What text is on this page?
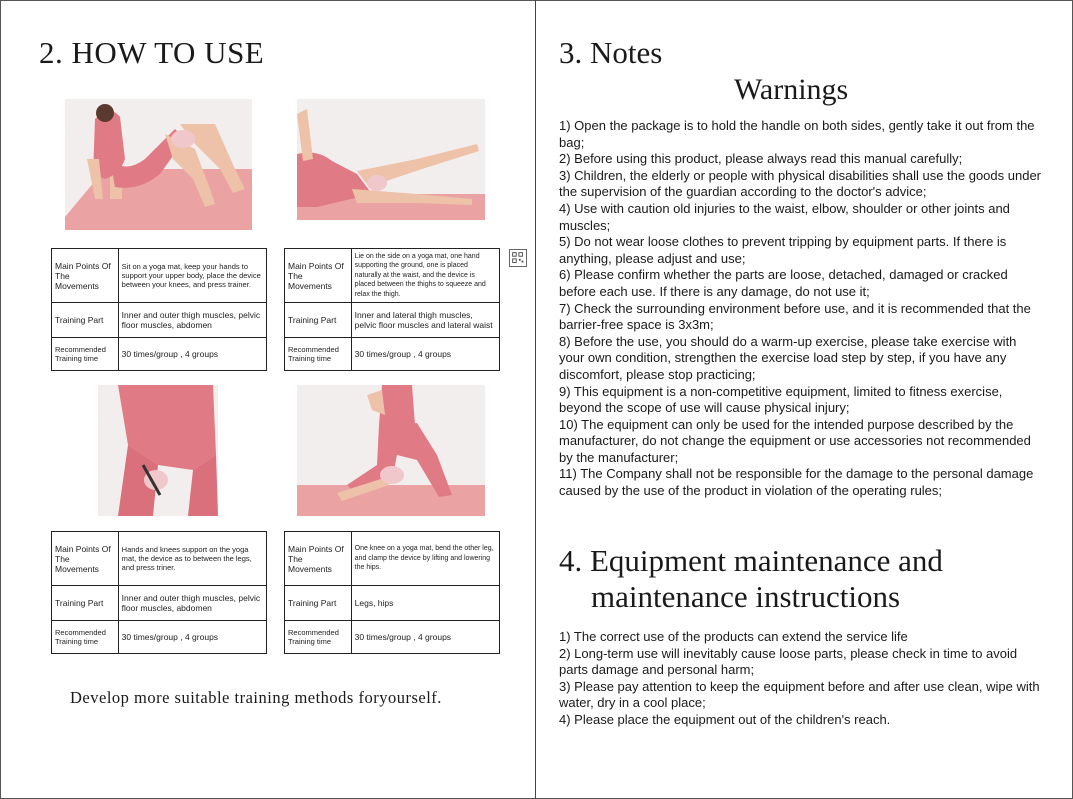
2. HOW TO USE
Main Points Of The Movements	Sit on a yoga mat, keep your hands to support your upper body, place the device between your knees, and press trainer.
Training Part	Inner and outer thigh muscles, pelvic floor muscles, abdomen
Recommended Training time	30 times/group , 4 groups
Main Points Of The Movements	Lie on the side on a yoga mat, one hand supporting the ground, one is placed naturally at the waist, and the device is placed between the thighs to squeeze and relax the thigh.
Training Part	Inner and lateral thigh muscles, pelvic floor muscles and lateral waist
Recommended Training time	30 times/group , 4 groups
Main Points Of The Movements	Hands and knees support on the yoga mat, the device as to between the legs, and press triner.
Training Part	Inner and outer thigh muscles, pelvic floor muscles, abdomen
Recommended Training time	30 times/group , 4 groups
Main Points Of The Movements	One knee on a yoga mat, bend the other leg, and clamp the device by lifting and lowering the hips.
Training Part	Legs, hips
Recommended Training time	30 times/group , 4 groups
Develop more suitable training methods foryourself.
3. Notes
Warnings
1) Open the package is to hold the handle on both sides, gently take it out from the bag;
2) Before using this product, please always read this manual carefully;
3) Children, the elderly or people with physical disabilities shall use the goods under the supervision of the guardian according to the doctor's advice;
4) Use with caution old injuries to the waist, elbow, shoulder or other joints and muscles;
5) Do not wear loose clothes to prevent tripping by equipment parts. If there is anything, please adjust and use;
6) Please confirm whether the parts are loose, detached, damaged or cracked before each use. If there is any damage, do not use it;
7) Check the surrounding environment before use, and it is recommended that the barrier-free space is 3x3m;
8) Before the use, you should do a warm-up exercise, please take exercise with your own condition, strengthen the exercise load step by step, if you have any discomfort, please stop practicing;
9) This equipment is a non-competitive equipment, limited to fitness exercise, beyond the scope of use will cause physical injury;
10) The equipment can only be used for the intended purpose described by the manufacturer, do not change the equipment or use accessories not recommended by the manufacturer;
11) The Company shall not be responsible for the damage to the personal damage caused by the use of the product in violation of the operating rules;
4. Equipment maintenance and
maintenance instructions
1) The correct use of the products can extend the service life
2) Long-term use will inevitably cause loose parts, please check in time to avoid parts damage and personal harm;
3) Please pay attention to keep the equipment before and after use clean, wipe with water, dry in a cool place;
4) Please place the equipment out of the children's reach.
